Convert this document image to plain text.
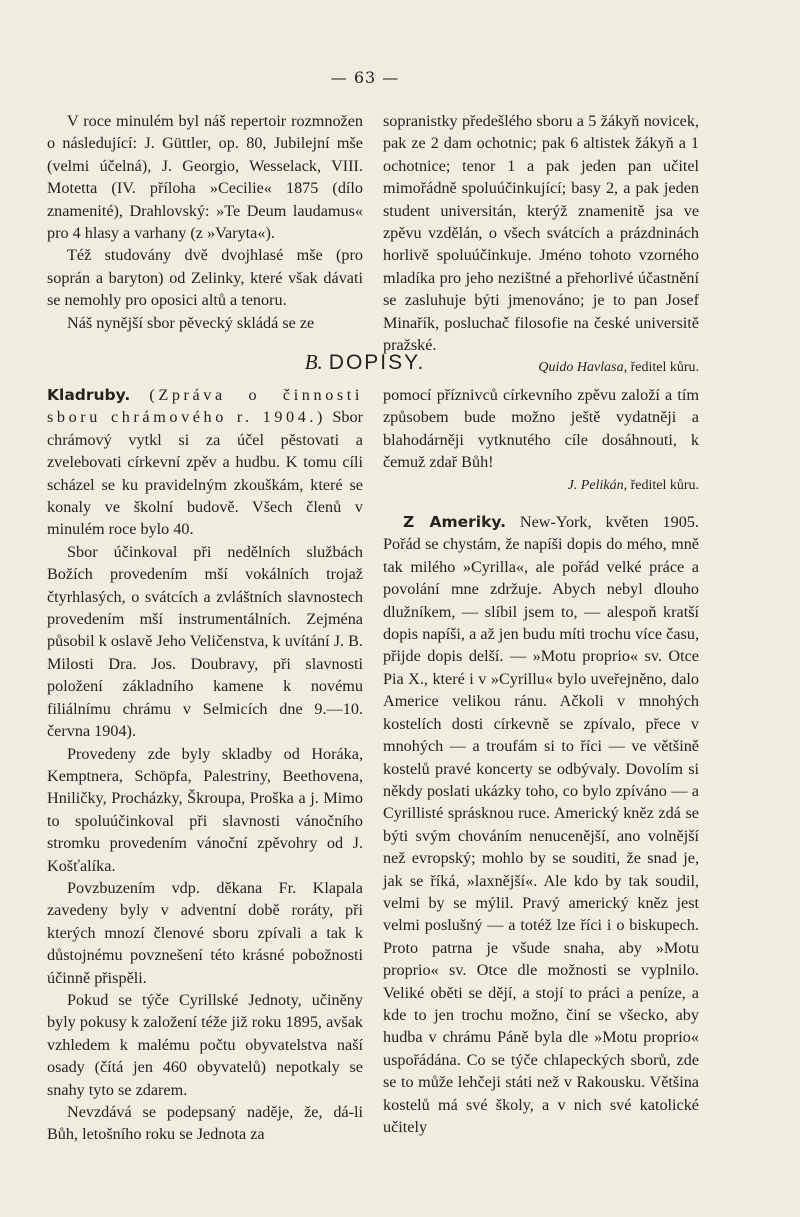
— 63 —

V roce minulém byl náš repertoir rozmnožen o následující: J. Güttler, op. 80, Jubilejní mše (velmi účelná), J. Georgio, Wesselack, VIII. Motetta (IV. příloha »Cecilie« 1875 (dílo znamenité), Drahlovský: »Te Deum laudamus« pro 4 hlasy a varhany (z »Varyta«).

Též studovány dvě dvojhlasé mše (pro soprán a baryton) od Zelinky, které však dávati se nemohly pro oposici altů a tenoru.

Náš nynější sbor pěvecký skládá se ze

sopranistky předešlého sboru a 5 žákyň novicek, pak ze 2 dam ochotnic; pak 6 altistek žákyň a 1 ochotnice; tenor 1 a pak jeden pan učitel mimořádně spoluúčinkující; basy 2, a pak jeden student universitán, kterýž znamenitě jsa ve zpěvu vzdělán, o všech svátcích a prázdninách horlivě spoluúčinkuje. Jméno tohoto vzorného mladíka pro jeho nezištné a přehorlivé účastnění se zasluhuje býti jmenováno; je to pan Josef Minařík, posluchač filosofie na české universitě pražské.

Quido Havlasa, ředitel kůru.
B. DOPISY.

Kladruby. (Zpráva o činnosti sboru chrámového r. 1904.) Sbor chrámový vytkl si za účel pěstovati a zvelebovati církevní zpěv a hudbu. K tomu cíli scházel se ku pravidelným zkouškám, které se konaly ve školní budově. Všech členů v minulém roce bylo 40.

Sbor účinkoval při nedělních službách Božích provedením mší vokálních trojaž čtyrhlasých, o svátcích a zvláštních slavnostech provedením mší instrumentálních. Zejména působil k oslavě Jeho Veličenstva, k uvítání J. B. Milosti Dra. Jos. Doubravy, při slavnosti položení základního kamene k novému filiálnímu chrámu v Selmicích dne 9.—10. června 1904).

Provedeny zde byly skladby od Horáka, Kemptnera, Schöpfa, Palestriny, Beethovena, Hniličky, Procházky, Škroupa, Proška a j. Mimo to spoluúčinkoval při slavnosti vánočního stromku provedením vánoční zpěvohry od J. Košťalíka.

Povzbuzením vdp. děkana Fr. Klapala zavedeny byly v adventní době roráty, při kterých mnozí členové sboru zpívali a tak k důstojnému povznešení této krásné pobožnosti účinně přispěli.

Pokud se týče Cyrillské Jednoty, učiněny byly pokusy k založení téže již roku 1895, avšak vzhledem k malému počtu obyvatelstva naší osady (čítá jen 460 obyvatelů) nepotkaly se snahy tyto se zdarem.

Nevzdává se podepsaný naděje, že, dá-li Bůh, letošního roku se Jednota za

pomocí příznivců církevního zpěvu založí a tím způsobem bude možno ještě vydatněji a blahodárněji vytknutého cíle dosáhnouti, k čemuž zdař Bůh!

J. Pelikán, ředitel kůru.

Z Ameriky. New-York, květen 1905. Pořád se chystám, že napíši dopis do mého, mně tak milého »Cyrilla«, ale pořád velké práce a povolání mne zdržuje. Abych nebyl dlouho dlužníkem, — slíbil jsem to, — alespoň kratší dopis napíši, a až jen budu míti trochu více času, přijde dopis delší. — »Motu proprio« sv. Otce Pia X., které i v »Cyrillu« bylo uveřejněno, dalo Americe velikou ránu. Ačkoli v mnohých kostelích dosti církevně se zpívalo, přece v mnohých — a troufám si to říci — ve většině kostelů pravé koncerty se odbývaly. Dovolím si někdy poslati ukázky toho, co bylo zpíváno — a Cyrillisté sprásknou ruce. Americký kněz zdá se býti svým chováním nenucenější, ano volnější než evropský; mohlo by se souditi, že snad je, jak se říká, »laxnější«. Ale kdo by tak soudil, velmi by se mýlil. Pravý americký kněz jest velmi poslušný — a totéž lze říci i o biskupech. Proto patrna je všude snaha, aby »Motu proprio« sv. Otce dle možnosti se vyplnilo. Veliké oběti se dějí, a stojí to práci a peníze, a kde to jen trochu možno, činí se všecko, aby hudba v chrámu Páně byla dle »Motu proprio« uspořádána. Co se týče chlapeckých sborů, zde se to může lehčeji státi než v Rakousku. Většina kostelů má své školy, a v nich své katolické učitely
